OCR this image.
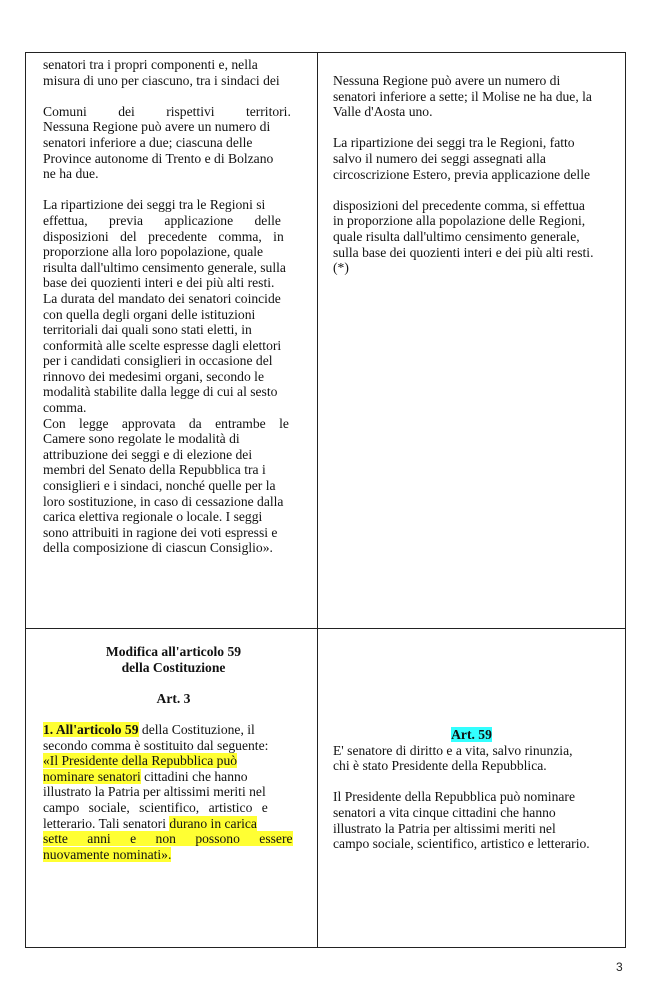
senatori tra i propri componenti e, nella

misura di uno per ciascuno, tra i sindaci dei

Comuni dei rispettivi territori.

Nessuna Regione può avere un numero di

senatori inferiore a due; ciascuna delle

Province autonome di Trento e di Bolzano

ne ha due.

La ripartizione dei seggi tra le Regioni si

effettua, previa applicazione delle

disposizioni del precedente comma, in

proporzione alla loro popolazione, quale

risulta dall'ultimo censimento generale, sulla

base dei quozienti interi e dei più alti resti.

La durata del mandato dei senatori coincide

con quella degli organi delle istituzioni

territoriali dai quali sono stati eletti, in

conformità alle scelte espresse dagli elettori

per i candidati consiglieri in occasione del

rinnovo dei medesimi organi, secondo le

modalità stabilite dalla legge di cui al sesto

comma.

Con legge approvata da entrambe le

Camere sono regolate le modalità di

attribuzione dei seggi e di elezione dei

membri del Senato della Repubblica tra i

consiglieri e i sindaci, nonché quelle per la

loro sostituzione, in caso di cessazione dalla

carica elettiva regionale o locale. I seggi

sono attribuiti in ragione dei voti espressi e

della composizione di ciascun Consiglio».

Nessuna Regione può avere un numero di

senatori inferiore a sette; il Molise ne ha due, la

Valle d'Aosta uno.

La ripartizione dei seggi tra le Regioni, fatto

salvo il numero dei seggi assegnati alla

circoscrizione Estero, previa applicazione delle

disposizioni del precedente comma, si effettua

in proporzione alla popolazione delle Regioni,

quale risulta dall'ultimo censimento generale,

sulla base dei quozienti interi e dei più alti resti.

(*)

Modifica all'articolo 59

della Costituzione

Art. 3

1. All'articolo 59 della Costituzione, il

secondo comma è sostituito dal seguente:

«Il Presidente della Repubblica può

nominare senatori cittadini che hanno

illustrato la Patria per altissimi meriti nel

campo sociale, scientifico, artistico e

letterario. Tali senatori durano in carica

sette anni e non possono essere

nuovamente nominati».

Art. 59

E' senatore di diritto e a vita, salvo rinunzia,

chi è stato Presidente della Repubblica.

Il Presidente della Repubblica può nominare

senatori a vita cinque cittadini che hanno

illustrato la Patria per altissimi meriti nel

campo sociale, scientifico, artistico e letterario.

3
